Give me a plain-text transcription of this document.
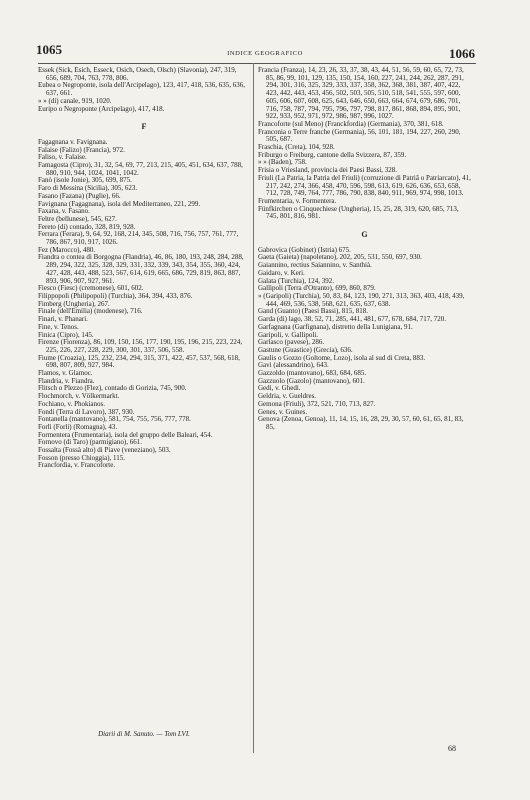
1065	INDICE GEOGRAFICO	1066
Essek (Sick, Esich, Esseck, Osich, Osech, Olsch) (Slavonia), 247, 319, 656, 689, 704, 763, 778, 806.
Eubea o Negroponte, isola dell'Arcipelago), 123, 417, 418, 536, 635, 636, 637, 661.
» » (di) canale, 919, 1020.
Euripo o Negroponte (Arcipelago), 417, 418.
F
Fagagnana v. Favignana.
Falaise (Falizo) (Francia), 972.
Faliso, v. Falaise.
Famagosta (Cipro), 31, 32, 54, 69, 77, 213, 215, 405, 451, 634, 637, 788, 880, 910, 944, 1024, 1041, 1042.
Fanò (isole Jonie), 305, 699, 875.
Faro di Messina (Sicilia), 305, 623.
Fasano (Fazana) (Puglie), 66.
Favignana (Fagagnana), isola del Mediterraneo, 221, 299.
Faxana, v. Fasano.
Feltre (bellunese), 545, 627.
Fereto (di) contado, 328, 819, 928.
Ferrara (Ferara), 9, 64, 92, 168, 214, 345, 508, 716, 756, 757, 761, 777, 786, 867, 910, 917, 1026.
Fez (Marocco), 480.
Fiandra o contea di Borgogna (Flandria), 46, 86, 180, 193, 248, 284, 288, 289, 294, 322, 325, 328, 329, 331, 332, 339, 343, 354, 355, 360, 424, 427, 428, 443, 488, 523, 567, 614, 619, 665, 686, 729, 819, 863, 887, 893, 906, 907, 927, 961.
Fiesco (Fiesc) (cremonese), 601, 602.
Filippopoli (Philipopoli) (Turchia), 364, 394, 433, 876.
Fimberg (Ungheria), 267.
Finale (dell'Emilia) (modenese), 716.
Finari, v. Phanari.
Fine, v. Tenos.
Finica (Cipro), 145.
Firenze (Fiorenza), 86, 109, 150, 156, 177, 190, 195, 196, 215, 223, 224, 225, 226, 227, 228, 229, 300, 301, 337, 506, 558.
Fiume (Croazia), 125, 232, 234, 294, 315, 371, 422, 457, 537, 568, 618, 698, 807, 809, 927, 984.
Flamos, v. Glamoc.
Flandria, v. Fiandra.
Flitsch o Plezzo (Flez), contado di Gorizia, 745, 900.
Flochmorch, v. Völkermarkt.
Fochiano, v. Phokianos.
Fondi (Terra di Lavoro), 387, 930.
Fontanella (mantovano), 581, 754, 755, 756, 777, 778.
Forlì (Forli) (Romagna), 43.
Formentera (Frumentaria), isola del gruppo delle Baleari, 454.
Fornovo (di Taro) (parmigiano), 661.
Fossalta (Fossà alto) di Piave (veneziano), 503.
Fosson (presso Chioggia), 115.
Francfordia, v. Francoforte.
Francia (Franza), 14, 23, 26, 33, 37, 38, 43, 44, 51, 56, 59, 60, 65, 72, 73, 85, 86, 99, 101, 129, 135, 150, 154, 160, 227, 241, 244, 262, 287, 291, 294, 301, 316, 325, 329, 333, 337, 358, 362, 368, 381, 387, 407, 422, 423, 442, 443, 453, 456, 502, 503, 505, 510, 518, 541, 555, 597, 600, 605, 606, 607, 608, 625, 643, 646, 650, 663, 664, 674, 679, 686, 701, 716, 758, 787, 794, 795, 796, 797, 798, 817, 861, 868, 894, 895, 901, 922, 933, 952, 971, 972, 986, 987, 996, 1027.
Francoforte (sul Meno) (Franckfordia) (Germania), 370, 381, 618.
Franconia o Terre franche (Germania), 56, 101, 181, 194, 227, 260, 290, 505, 687.
Fraschia, (Creta), 104, 928.
Friburgo o Freiburg, cantone della Svizzera, 87, 359.
» » (Baden), 758.
Frisia o Vriesland, provincia dei Paesi Bassi, 328.
Friuli (La Patria, la Patria del Friuli) (corruzione di Patriâ o Patriarcato), 41, 217, 242, 274, 366, 458, 470, 596, 598, 613, 619, 626, 636, 653, 658, 712, 728, 749, 764, 777, 786, 790, 838, 840, 911, 969, 974, 998, 1013.
Frumentaria, v. Formentera.
Fünfkirchen o Cinquechiese (Ungheria), 15, 25, 28, 319, 620, 685, 713, 745, 801, 816, 981.
G
Gabrovica (Gobinet) (Istria) 675.
Gaeta (Gaieta) (napoletano), 202, 205, 531, 550, 697, 930.
Gaiannino, rectius Saiannino, v. Santhià.
Gaidaro, v. Keri.
Galata (Turchia), 124, 392.
Gallipoli (Terra d'Otranto), 699, 860, 879.
» (Garipoli) (Turchia), 50, 83, 84, 123, 190, 271, 313, 363, 403, 418, 439, 444, 469, 536, 538, 568, 621, 635, 637, 638.
Gand (Guanto) (Paesi Bassi), 815, 818.
Garda (di) lago, 38, 52, 71, 285, 441, 481, 677, 678, 684, 717, 720.
Garfagnana (Garfignana), distretto della Lunigiana, 91.
Garipoli, v. Gallipoli.
Garlasco (pavese), 286.
Gastune (Guastice) (Grecia), 636.
Gaulis o Gozzo (Goltome, Lozo), isola al sud di Creta, 883.
Gavi (alessandrino), 643.
Gazzoldo (mantovano), 683, 684, 685.
Gazzuolo (Gazolo) (mantovano), 601.
Gedi, v. Ghedi.
Geldria, v. Gueldres.
Gemona (Friuli), 372, 521, 710, 713, 827.
Genes, v. Guines.
Genova (Zenoa, Genoa), 11, 14, 15, 16, 28, 29, 30, 57, 60, 61, 65, 81, 83, 85,
Diarii di M. Sanuto. — Tom LVI.
68
